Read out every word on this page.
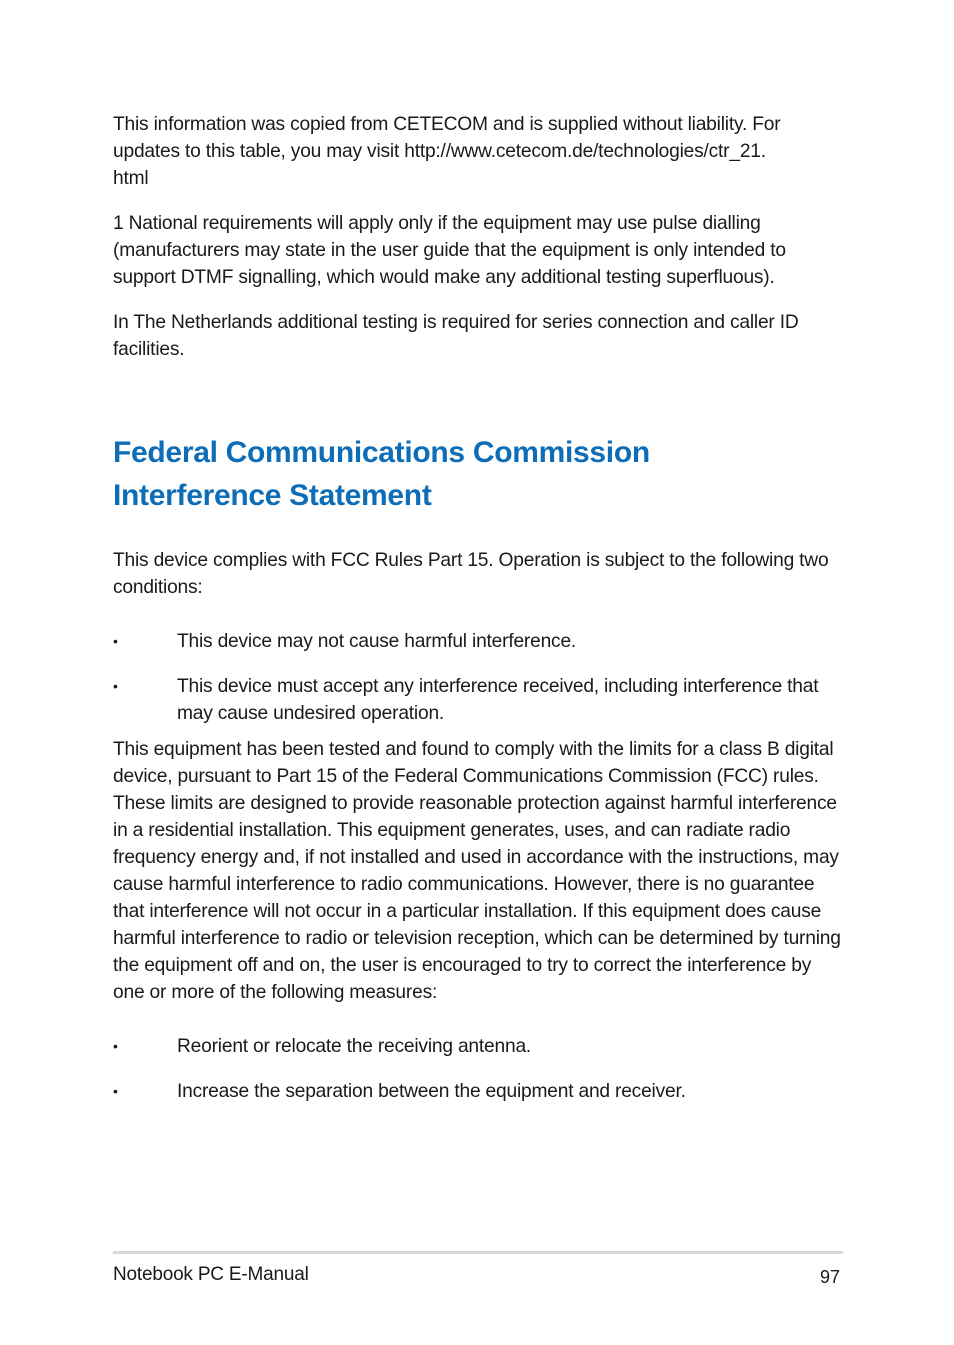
This information was copied from CETECOM and is supplied without liability. For
updates to this table, you may visit http://www.cetecom.de/technologies/ctr_21.
html

1 National requirements will apply only if the equipment may use pulse dialling (manufacturers may state in the user guide that the equipment is only intended to support DTMF signalling, which would make any additional testing superfluous).

In The Netherlands additional testing is required for series connection and caller ID facilities.

Federal Communications Commission Interference Statement

This device complies with FCC Rules Part 15. Operation is subject to the following two conditions:

•	This device may not cause harmful interference.
•	This device must accept any interference received, including interference that may cause undesired operation.

This equipment has been tested and found to comply with the limits for a class B digital device, pursuant to Part 15 of the Federal Communications Commission (FCC) rules. These limits are designed to provide reasonable protection against harmful interference in a residential installation. This equipment generates, uses, and can radiate radio frequency energy and, if not installed and used in accordance with the instructions, may cause harmful interference to radio communications. However, there is no guarantee that interference will not occur in a particular installation. If this equipment does cause harmful interference to radio or television reception, which can be determined by turning the equipment off and on, the user is encouraged to try to correct the interference by one or more of the following measures:

•	Reorient or relocate the receiving antenna.
•	Increase the separation between the equipment and receiver.
Notebook PC E-Manual	97
